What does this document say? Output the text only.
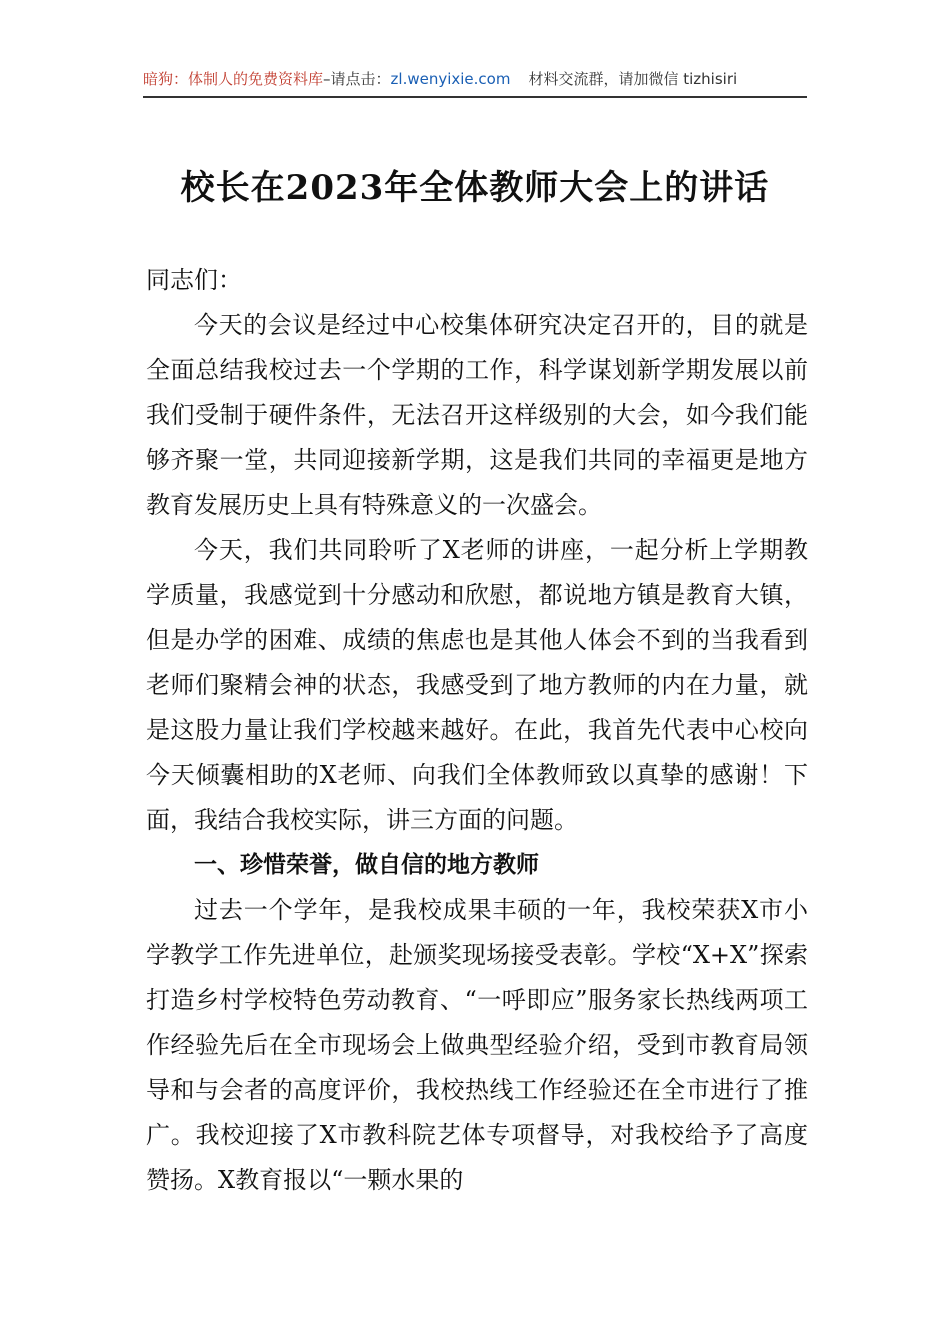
暗狗：体制人的免费资料库–请点击：zl.wenyixie.com 材料交流群，请加微信 tizhisiri
校长在2023年全体教师大会上的讲话

同志们：

今天的会议是经过中心校集体研究决定召开的，目的就是全面总结我校过去一个学期的工作，科学谋划新学期发展以前我们受制于硬件条件，无法召开这样级别的大会，如今我们能够齐聚一堂，共同迎接新学期，这是我们共同的幸福更是地方教育发展历史上具有特殊意义的一次盛会。

今天，我们共同聆听了X老师的讲座，一起分析上学期教学质量，我感觉到十分感动和欣慰，都说地方镇是教育大镇，但是办学的困难、成绩的焦虑也是其他人体会不到的当我看到老师们聚精会神的状态，我感受到了地方教师的内在力量，就是这股力量让我们学校越来越好。在此，我首先代表中心校向今天倾囊相助的X老师、向我们全体教师致以真挚的感谢！下面，我结合我校实际，讲三方面的问题。

一、珍惜荣誉，做自信的地方教师

过去一个学年，是我校成果丰硕的一年，我校荣获X市小学教学工作先进单位，赴颁奖现场接受表彰。学校“X+X”探索打造乡村学校特色劳动教育、“一呼即应”服务家长热线两项工作经验先后在全市现场会上做典型经验介绍，受到市教育局领导和与会者的高度评价，我校热线工作经验还在全市进行了推广。我校迎接了X市教科院艺体专项督导，对我校给予了高度赞扬。X教育报以“一颗水果的
